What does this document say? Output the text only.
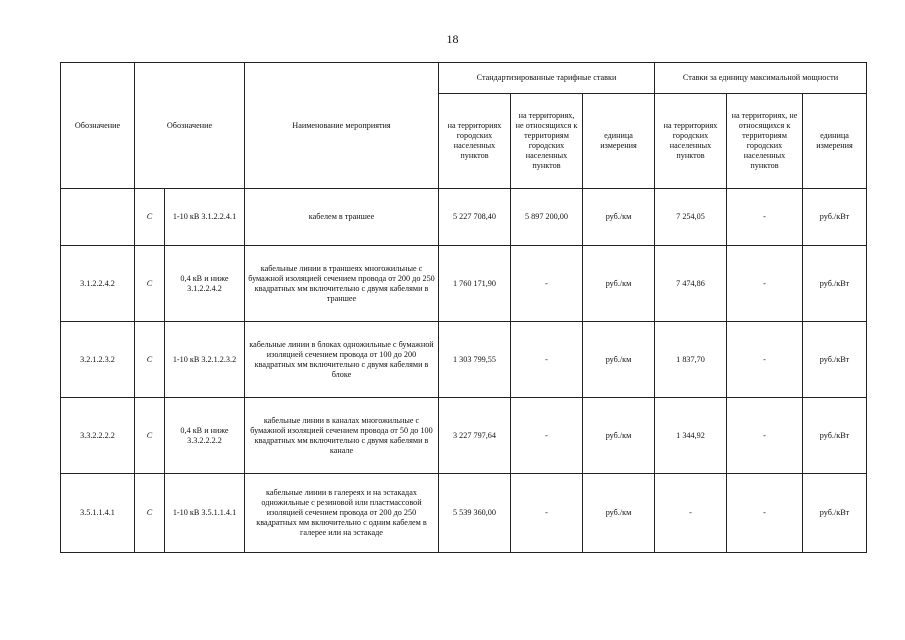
18
Обозначение	Обозначение		Наименование мероприятия	Стандартизированные тарифные ставки			Ставки за единицу максимальной мощности		
				на территориях городских населенных пунктов	на территориях, не относящихся к территориям городских населенных пунктов	единица измерения	на территориях городских населенных пунктов	на территориях, не относящихся к территориям городских населенных пунктов	единица измерения
	С	1-10 кВ 3.1.2.2.4.1	кабелем в траншее	5 227 708,40	5 897 200,00	руб./км	7 254,05	-	руб./кВт
3.1.2.2.4.2	С	0,4 кВ и ниже 3.1.2.2.4.2	кабельные линии в траншеях многожильные с бумажной изоляцией сечением провода от 200 до 250 квадратных мм включительно с двумя кабелями в траншее	1 760 171,90	-	руб./км	7 474,86	-	руб./кВт
3.2.1.2.3.2	С	1-10 кВ 3.2.1.2.3.2	кабельные линии в блоках одножильные с бумажной изоляцией сечением провода от 100 до 200 квадратных мм включительно с двумя кабелями в блоке	1 303 799,55	-	руб./км	1 837,70	-	руб./кВт
3.3.2.2.2.2	С	0,4 кВ и ниже 3.3.2.2.2.2	кабельные линии в каналах многожильные с бумажной изоляцией сечением провода от 50 до 100 квадратных мм включительно с двумя кабелями в канале	3 227 797,64	-	руб./км	1 344,92	-	руб./кВт
3.5.1.1.4.1	С	1-10 кВ 3.5.1.1.4.1	кабельные линии в галереях и на эстакадах одножильные с резиновой или пластмассовой изоляцией сечением провода от 200 до 250 квадратных мм включительно с одним кабелем в галерее или на эстакаде	5 539 360,00	-	руб./км	-	-	руб./кВт
